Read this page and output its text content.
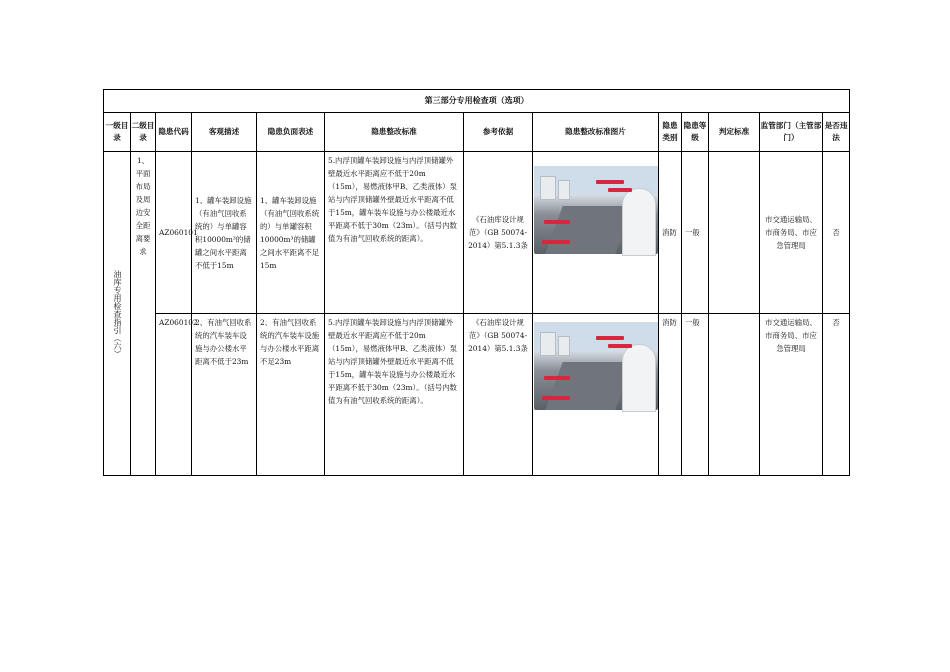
第三部分专用检查项（选项）												
一级目录	二级目录	隐患代码	客观描述	隐患负面表述	隐患整改标准	参考依据	隐患整改标准图片	隐患类别	隐患等级	判定标准	监管部门（主管部门）	是否违法

油库专用检查指引（六）	1、平面布局及周边安全距离要求	AZ060101	1、罐车装卸设施（有油气回收系统的）与单罐容积10000m³的储罐之间水平距离不低于15m	1、罐车装卸设施（有油气回收系统的）与单罐容积10000m³的储罐之间水平距离不足15m	5.内浮顶罐车装卸设施与内浮顶储罐外壁最近水平距离应不低于20m（15m），易燃液体甲B、乙类液体）泵站与内浮顶储罐外壁最近水平距离不低于15m，罐车装车设施与办公楼最近水平距离不低于30m（23m）。（括号内数值为有油气回收系统的距离）。	《石油库设计规范》（GB 50074-2014）第5.1.3条		消防	一般		市交通运输局、市商务局、市应急管理局	否
		AZ060102	2、有油气回收系统的汽车装车设施与办公楼水平距离不低于23m	2、有油气回收系统的汽车装车设施与办公楼水平距离不足23m	5.内浮顶罐车装卸设施与内浮顶储罐外壁最近水平距离应不低于20m（15m），易燃液体甲B、乙类液体）泵站与内浮顶储罐外壁最近水平距离不低于15m，罐车装车设施与办公楼最近水平距离不低于30m（23m）。（括号内数值为有油气回收系统的距离）。	《石油库设计规范》（GB 50074-2014）第5.1.3条		消防	一般		市交通运输局、市商务局、市应急管理局	否
